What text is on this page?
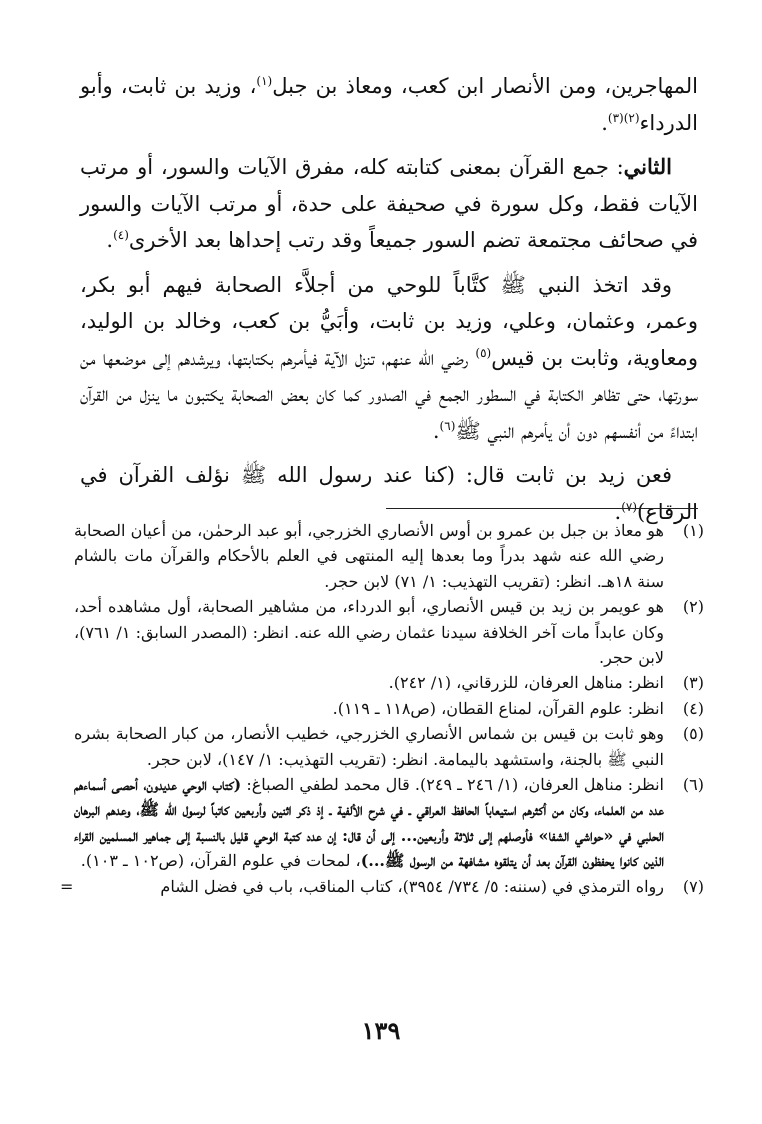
المهاجرين، ومن الأنصار ابن كعب، ومعاذ بن جبل$^{(١)}$، وزيد بن ثابت، وأبو الدرداء$^{(٢)(٣)}$.

الثاني: جمع القرآن بمعنى كتابته كله، مفرق الآيات والسور، أو مرتب الآيات فقط، وكل سورة في صحيفة على حدة، أو مرتب الآيات والسور في صحائف مجتمعة تضم السور جميعاً وقد رتب إحداها بعد الأخرى$^{(٤)}$.

وقد اتخذ النبي ﷺ كتَّاباً للوحي من أجلاَّء الصحابة فيهم أبو بكر، وعمر، وعثمان، وعلي، وزيد بن ثابت، وأبَيُّ بن كعب، وخالد بن الوليد، ومعاوية، وثابت بن قيس$^{(٥)}$ رضي الله عنهم، تنزل الآية فيأمرهم بكتابتها، ويرشدهم إلى موضعها من سورتها، حتى تظاهر الكتابة في السطور الجمع في الصدور كما كان بعض الصحابة يكتبون ما ينزل من القرآن ابتداءً من أنفسهم دون أن يأمرهم النبي ﷺ$^{(٦)}$.

فعن زيد بن ثابت قال: (كنا عند رسول الله ﷺ نؤلف القرآن في الرقاع)$^{(٧)}$.

(١)
هو معاذ بن جبل بن عمرو بن أوس الأنصاري الخزرجي، أبو عبد الرحمٰن، من أعيان الصحابة رضي الله عنه شهد بدراً وما بعدها إليه المنتهى في العلم بالأحكام والقرآن مات بالشام سنة ١٨هـ. انظر: (تقريب التهذيب: ١/ ٧١) لابن حجر.
(٢)
هو عويمر بن زيد بن قيس الأنصاري، أبو الدرداء، من مشاهير الصحابة، أول مشاهده أحد، وكان عابداً مات آخر الخلافة سيدنا عثمان رضي الله عنه. انظر: (المصدر السابق: ١/ ٧٦١)، لابن حجر.
(٣)
انظر: مناهل العرفان، للزرقاني، (١/ ٢٤٢).
(٤)
انظر: علوم القرآن، لمناع القطان، (ص١١٨ ـ ١١٩).
(٥)
وهو ثابت بن قيس بن شماس الأنصاري الخزرجي، خطيب الأنصار، من كبار الصحابة بشره النبي ﷺ بالجنة، واستشهد باليمامة. انظر: (تقريب التهذيب: ١/ ١٤٧)، لابن حجر.
(٦)
انظر: مناهل العرفان، (١/ ٢٤٦ ـ ٢٤٩). قال محمد لطفي الصباغ: (كتاب الوحي عديدون، أحصى أسماءهم عدد من العلماء، وكان من أكثرهم استيعاباً الحافظ العراقي ـ في شرح الألفية ـ إذ ذكر اثنين وأربعين كاتباً لرسول الله ﷺ، وعدهم البرهان الحلبي في «حواشي الشفا» فأوصلهم إلى ثلاثة وأربعين... إلى أن قال: إن عدد كتبة الوحي قليل بالنسبة إلى جماهير المسلمين القراء الذين كانوا يحفظون القرآن بعد أن يتلقوه مشافهة من الرسول ﷺ...)، لمحات في علوم القرآن، (ص١٠٢ ـ ١٠٣).
(٧)
رواه الترمذي في (سننه: ٥/ ٧٣٤/ ٣٩٥٤)، كتاب المناقب، باب في فضل الشام
=
١٣٩
